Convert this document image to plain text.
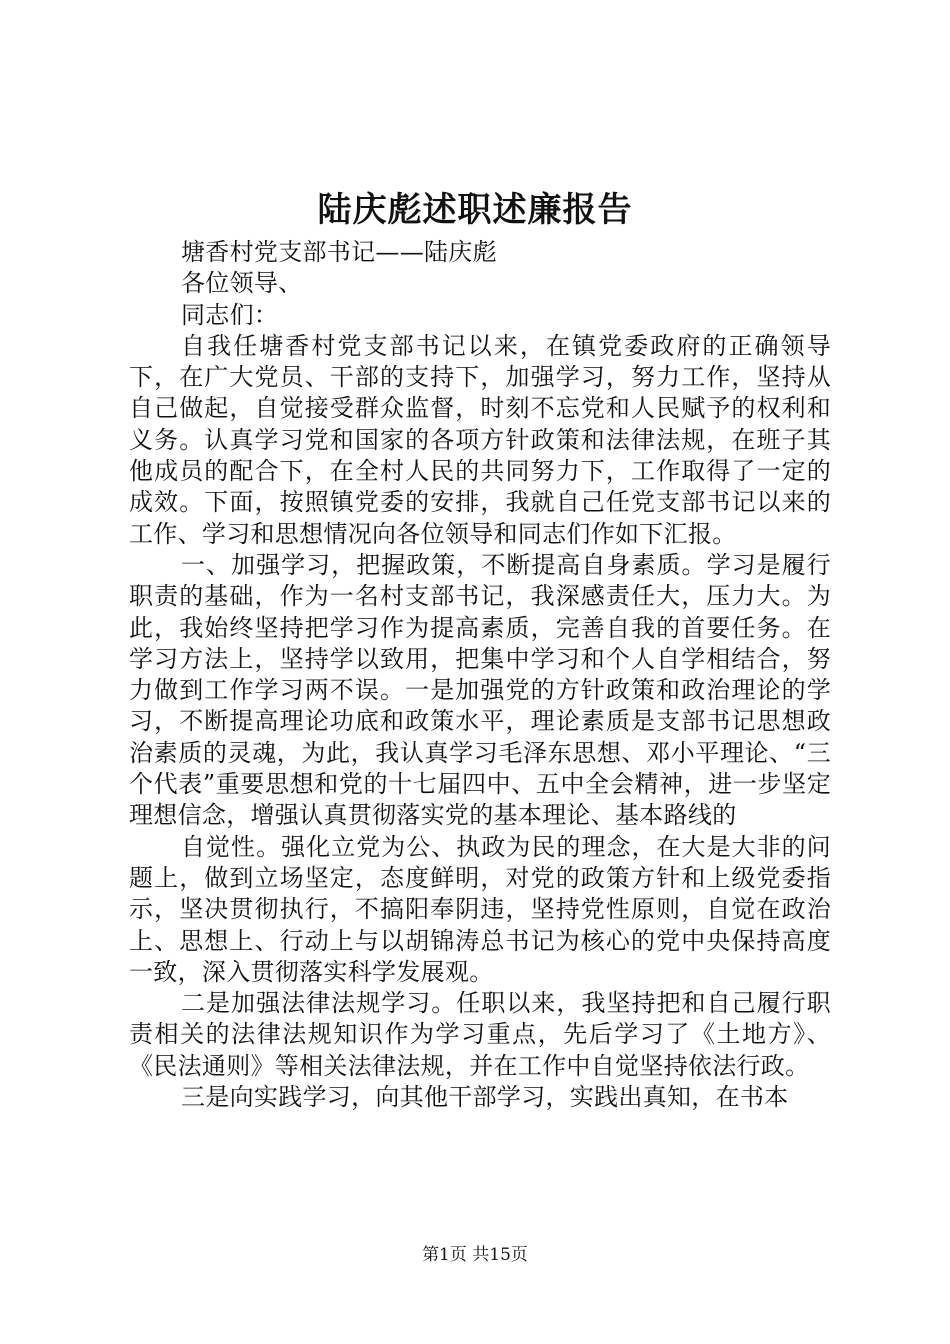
陆庆彪述职述廉报告

塘香村党支部书记——陆庆彪

各位领导、

同志们：

自我任塘香村党支部书记以来，在镇党委政府的正确领导下，在广大党员、干部的支持下，加强学习，努力工作，坚持从自己做起，自觉接受群众监督，时刻不忘党和人民赋予的权利和义务。认真学习党和国家的各项方针政策和法律法规，在班子其他成员的配合下，在全村人民的共同努力下，工作取得了一定的成效。下面，按照镇党委的安排，我就自己任党支部书记以来的工作、学习和思想情况向各位领导和同志们作如下汇报。

一、加强学习，把握政策，不断提高自身素质。学习是履行职责的基础，作为一名村支部书记，我深感责任大，压力大。为此，我始终坚持把学习作为提高素质，完善自我的首要任务。在学习方法上，坚持学以致用，把集中学习和个人自学相结合，努力做到工作学习两不误。一是加强党的方针政策和政治理论的学习，不断提高理论功底和政策水平，理论素质是支部书记思想政治素质的灵魂，为此，我认真学习毛泽东思想、邓小平理论、“三个代表”重要思想和党的十七届四中、五中全会精神，进一步坚定理想信念，增强认真贯彻落实党的基本理论、基本路线的

自觉性。强化立党为公、执政为民的理念，在大是大非的问题上，做到立场坚定，态度鲜明，对党的政策方针和上级党委指示，坚决贯彻执行，不搞阳奉阴违，坚持党性原则，自觉在政治上、思想上、行动上与以胡锦涛总书记为核心的党中央保持高度一致，深入贯彻落实科学发展观。

二是加强法律法规学习。任职以来，我坚持把和自己履行职责相关的法律法规知识作为学习重点，先后学习了《土地方》、《民法通则》等相关法律法规，并在工作中自觉坚持依法行政。

三是向实践学习，向其他干部学习，实践出真知，在书本

第1页 共15页
